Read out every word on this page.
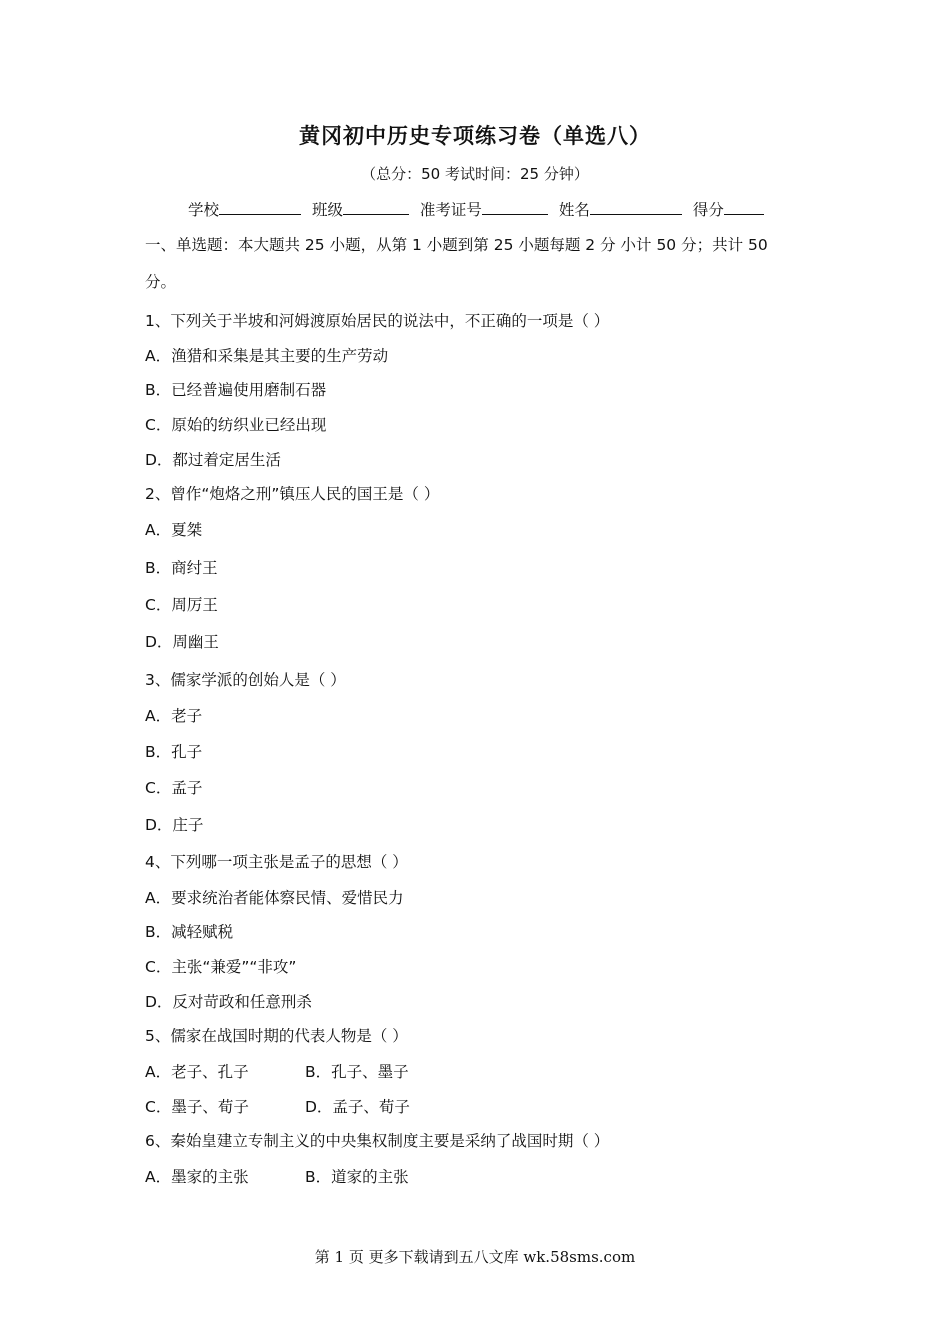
黄冈初中历史专项练习卷（单选八）
（总分：50 考试时间：25 分钟）
学校	班级	准考证号	姓名	得分
一、单选题：本大题共 25 小题，从第 1 小题到第 25 小题每题 2 分 小计 50 分；共计 50
分。
1、下列关于半坡和河姆渡原始居民的说法中，不正确的一项是（ ）
A．渔猎和采集是其主要的生产劳动
B．已经普遍使用磨制石器
C．原始的纺织业已经出现
D．都过着定居生活
2、曾作“炮烙之刑”镇压人民的国王是（ ）
A．夏桀
B．商纣王
C．周厉王
D．周幽王
3、儒家学派的创始人是（ ）
A．老子
B．孔子
C．孟子
D．庄子
4、下列哪一项主张是孟子的思想（ ）
A．要求统治者能体察民情、爱惜民力
B．减轻赋税
C．主张“兼爱”“非攻”
D．反对苛政和任意刑杀
5、儒家在战国时期的代表人物是（ ）
A．老子、孔子	B．孔子、墨子
C．墨子、荀子	D．孟子、荀子
6、秦始皇建立专制主义的中央集权制度主要是采纳了战国时期（ ）
A．墨家的主张	B．道家的主张
第 1 页 更多下载请到五八文库 wk.58sms.com
